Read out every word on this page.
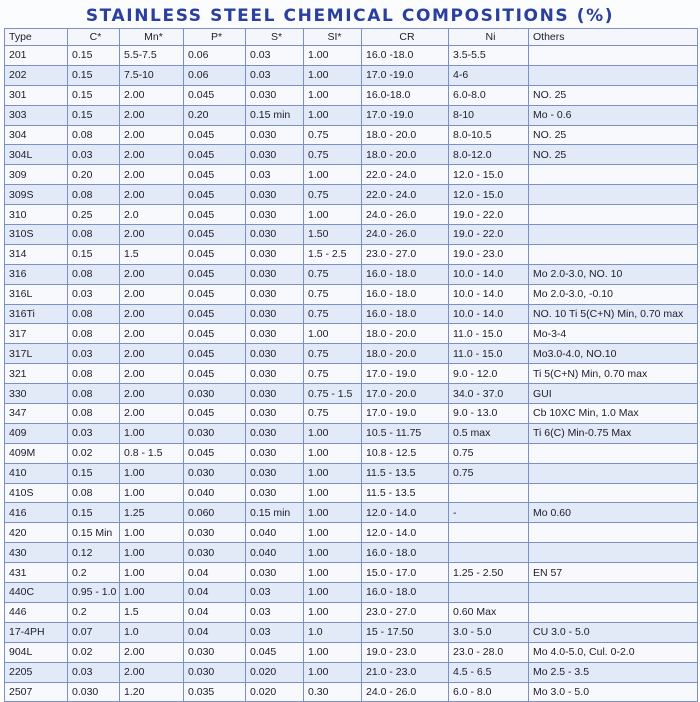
STAINLESS STEEL CHEMICAL COMPOSITIONS (%)
Type	C*	Mn*	P*	S*	SI*	CR	Ni	Others
201	0.15	5.5-7.5	0.06	0.03	1.00	16.0 -18.0	3.5-5.5	
202	0.15	7.5-10	0.06	0.03	1.00	17.0 -19.0	4-6	
301	0.15	2.00	0.045	0.030	1.00	16.0-18.0	6.0-8.0	NO. 25
303	0.15	2.00	0.20	0.15 min	1.00	17.0 -19.0	8-10	Mo - 0.6
304	0.08	2.00	0.045	0.030	0.75	18.0 - 20.0	8.0-10.5	NO. 25
304L	0.03	2.00	0.045	0.030	0.75	18.0 - 20.0	8.0-12.0	NO. 25
309	0.20	2.00	0.045	0.03	1.00	22.0 - 24.0	12.0 - 15.0	
309S	0.08	2.00	0.045	0.030	0.75	22.0 - 24.0	12.0 - 15.0	
310	0.25	2.0	0.045	0.030	1.00	24.0 - 26.0	19.0 - 22.0	
310S	0.08	2.00	0.045	0.030	1.50	24.0 - 26.0	19.0 - 22.0	
314	0.15	1.5	0.045	0.030	1.5 - 2.5	23.0 - 27.0	19.0 - 23.0	
316	0.08	2.00	0.045	0.030	0.75	16.0 - 18.0	10.0 - 14.0	Mo 2.0-3.0, NO. 10
316L	0.03	2.00	0.045	0.030	0.75	16.0 - 18.0	10.0 - 14.0	Mo 2.0-3.0, -0.10
316Ti	0.08	2.00	0.045	0.030	0.75	16.0 - 18.0	10.0 - 14.0	NO. 10 Ti 5(C+N) Min, 0.70 max
317	0.08	2.00	0.045	0.030	1.00	18.0 - 20.0	11.0 - 15.0	Mo-3-4
317L	0.03	2.00	0.045	0.030	0.75	18.0 - 20.0	11.0 - 15.0	Mo3.0-4.0, NO.10
321	0.08	2.00	0.045	0.030	0.75	17.0 - 19.0	9.0 - 12.0	Ti 5(C+N) Min, 0.70 max
330	0.08	2.00	0.030	0.030	0.75 - 1.5	17.0 - 20.0	34.0 - 37.0	GUI
347	0.08	2.00	0.045	0.030	0.75	17.0 - 19.0	9.0 - 13.0	Cb 10XC Min, 1.0 Max
409	0.03	1.00	0.030	0.030	1.00	10.5 - 11.75	0.5 max	Ti 6(C) Min-0.75 Max
409M	0.02	0.8 - 1.5	0.045	0.030	1.00	10.8 - 12.5	0.75	
410	0.15	1.00	0.030	0.030	1.00	11.5 - 13.5	0.75	
410S	0.08	1.00	0.040	0.030	1.00	11.5 - 13.5		
416	0.15	1.25	0.060	0.15 min	1.00	12.0 - 14.0	-	Mo 0.60
420	0.15 Min	1.00	0.030	0.040	1.00	12.0 - 14.0		
430	0.12	1.00	0.030	0.040	1.00	16.0 - 18.0		
431	0.2	1.00	0.04	0.030	1.00	15.0 - 17.0	1.25 - 2.50	EN 57
440C	0.95 - 1.0	1.00	0.04	0.03	1.00	16.0 - 18.0		
446	0.2	1.5	0.04	0.03	1.00	23.0 - 27.0	0.60 Max	
17-4PH	0.07	1.0	0.04	0.03	1.0	15 - 17.50	3.0 - 5.0	CU 3.0 - 5.0
904L	0.02	2.00	0.030	0.045	1.00	19.0 - 23.0	23.0 - 28.0	Mo 4.0-5.0, Cul. 0-2.0
2205	0.03	2.00	0.030	0.020	1.00	21.0 - 23.0	4.5 - 6.5	Mo 2.5 - 3.5
2507	0.030	1.20	0.035	0.020	0.30	24.0 - 26.0	6.0 - 8.0	Mo 3.0 - 5.0
